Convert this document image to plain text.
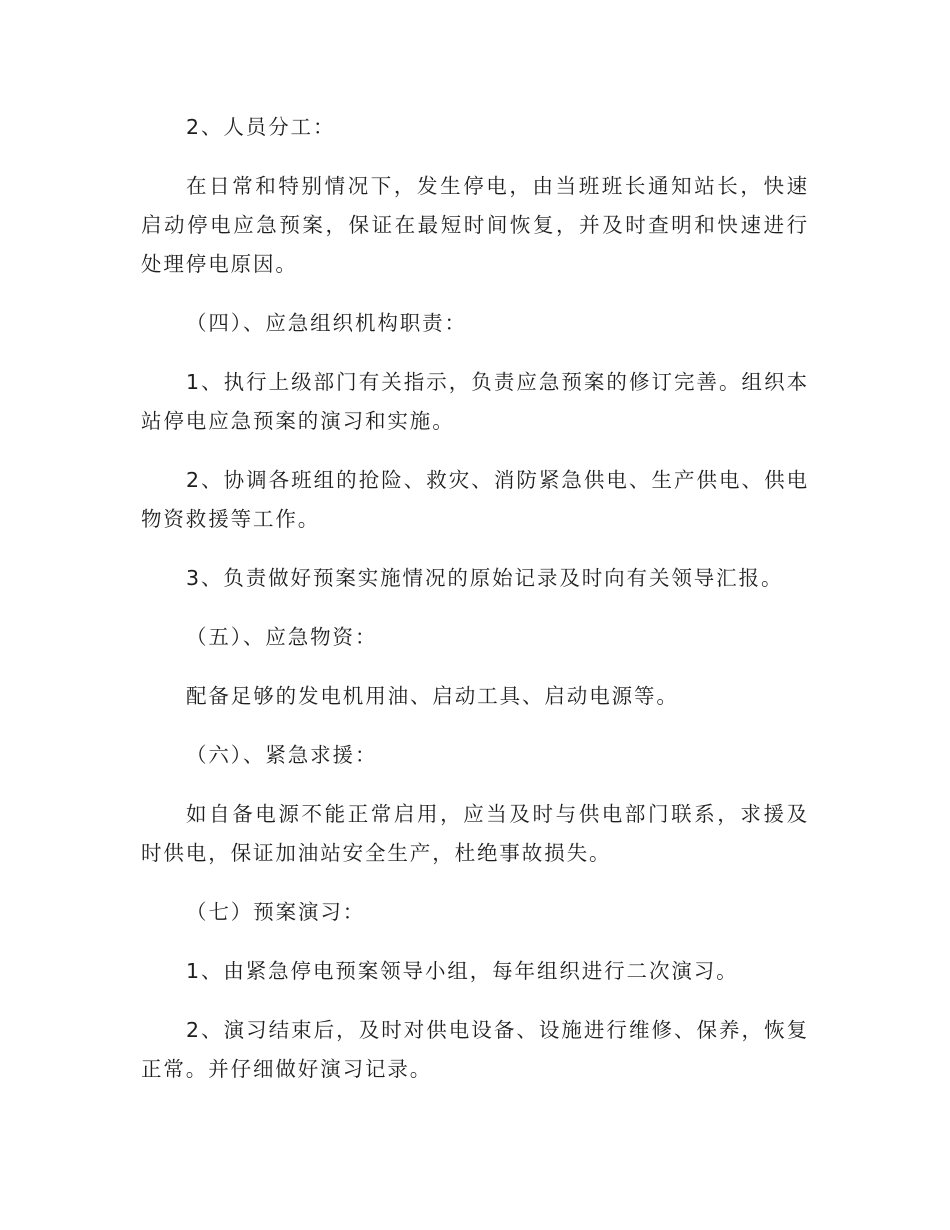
2、人员分工：

在日常和特别情况下，发生停电，由当班班长通知站长，快速启动停电应急预案，保证在最短时间恢复，并及时查明和快速进行处理停电原因。

（四）、应急组织机构职责：

1、执行上级部门有关指示，负责应急预案的修订完善。组织本站停电应急预案的演习和实施。

2、协调各班组的抢险、救灾、消防紧急供电、生产供电、供电物资救援等工作。

3、负责做好预案实施情况的原始记录及时向有关领导汇报。

（五）、应急物资：

配备足够的发电机用油、启动工具、启动电源等。

（六）、紧急求援：

如自备电源不能正常启用，应当及时与供电部门联系，求援及时供电，保证加油站安全生产，杜绝事故损失。

（七）预案演习：

1、由紧急停电预案领导小组，每年组织进行二次演习。

2、演习结束后，及时对供电设备、设施进行维修、保养，恢复正常。并仔细做好演习记录。
